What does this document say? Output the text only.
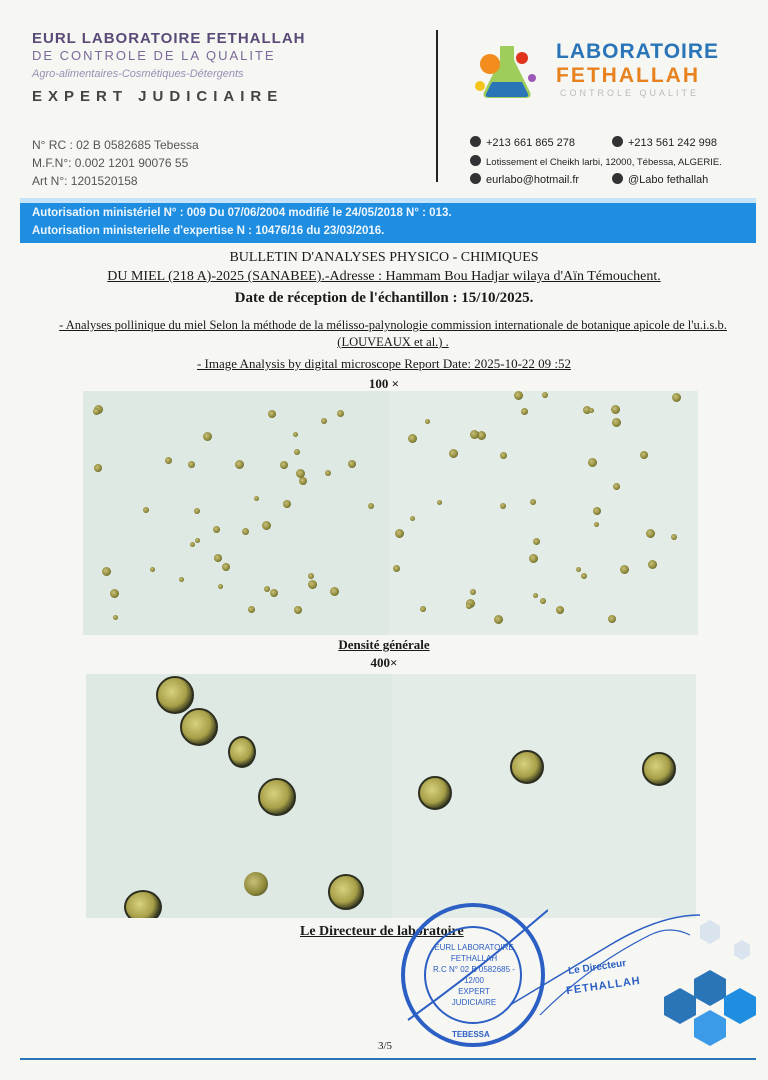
EURL LABORATOIRE FETHALLAH
DE CONTROLE DE LA QUALITE
Agro-alimentaires-Cosmétiques-Détergents
EXPERT JUDICIAIRE
N° RC : 02 B 0582685 Tebessa
M.F.N°: 0.002 1201 90076 55
Art N°: 1201520158
LABORATOIRE
FETHALLAH
CONTROLE QUALITE
+213 661 865 278	+213 561 242 998
Lotissement el Cheikh larbi, 12000, Tébessa, ALGERIE.
eurlabo@hotmail.fr	@Labo fethallah
Autorisation ministériel N° : 009 Du 07/06/2004 modifié le 24/05/2018 N° : 013.
Autorisation ministerielle d'expertise N : 10476/16 du 23/03/2016.
BULLETIN D'ANALYSES PHYSICO - CHIMIQUES
DU MIEL (218 A)-2025 (SANABEE).-Adresse : Hammam Bou Hadjar wilaya d'Aïn Témouchent.
Date de réception de l'échantillon : 15/10/2025.
- Analyses pollinique du miel Selon la méthode de la mélisso-palynologie commission internationale de botanique apicole de l'u.i.s.b. (LOUVEAUX et al.) .
- Image Analysis by digital microscope Report Date: 2025-10-22 09 :52
100 ×
Densité générale
400×
Le Directeur de laboratoire
EURL LABORATOIRE
FETHALLAH
R.C N° 02 B 0582685 - 12/00
EXPERT
JUDICIAIRE
TEBESSA
Le Directeur
FETHALLAH
3/5
